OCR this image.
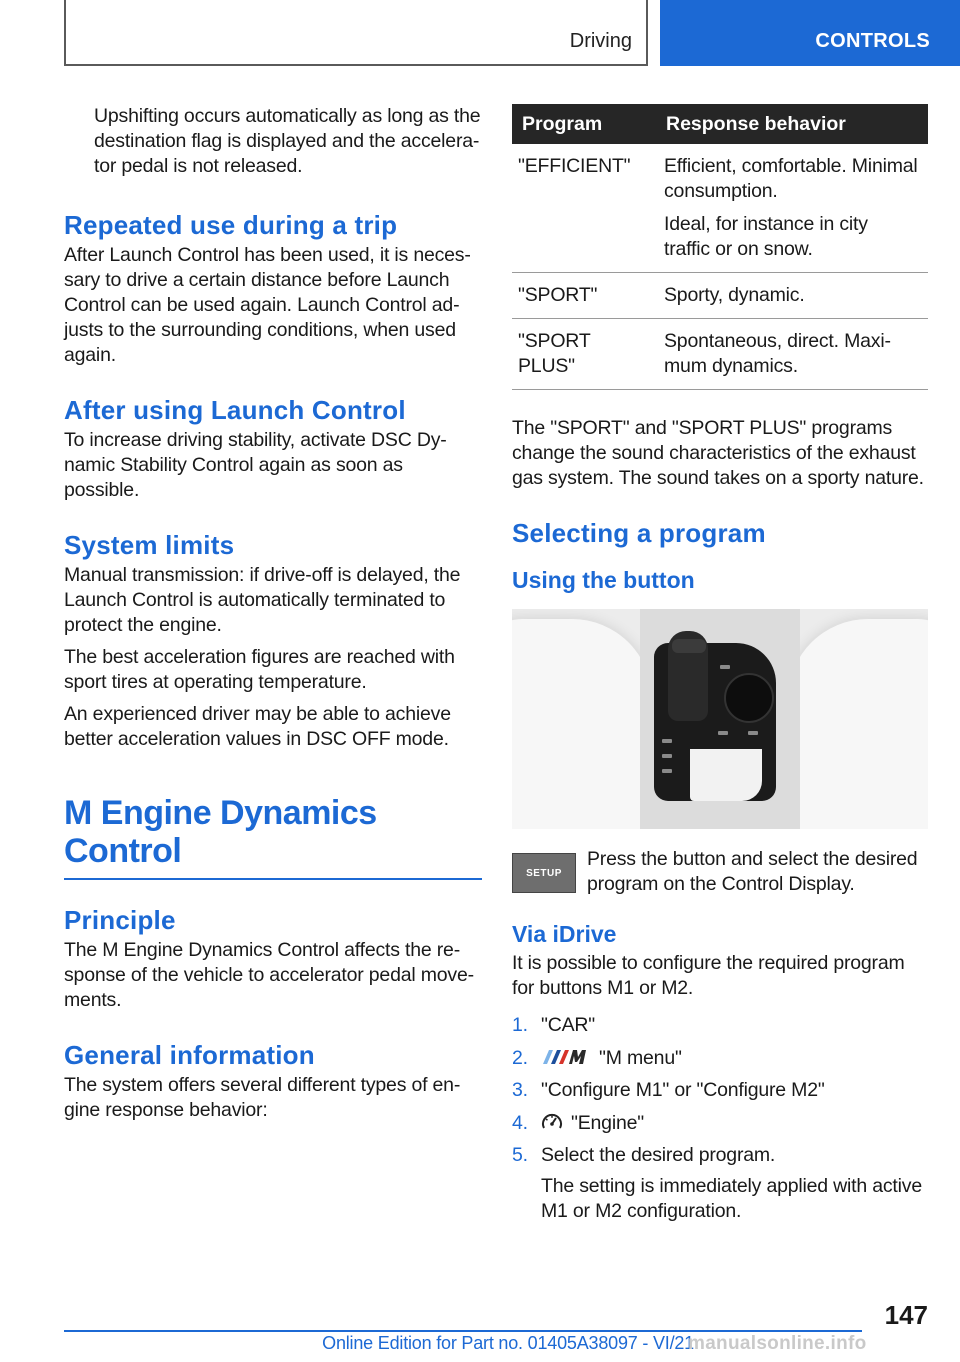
Driving	CONTROLS

Upshifting occurs automatically as long as the destination flag is displayed and the accelerator pedal is not released.

Repeated use during a trip

After Launch Control has been used, it is necessary to drive a certain distance before Launch Control can be used again. Launch Control adjusts to the surrounding conditions, when used again.

After using Launch Control

To increase driving stability, activate DSC Dynamic Stability Control again as soon as possible.

System limits

Manual transmission: if drive-off is delayed, the Launch Control is automatically terminated to protect the engine.

The best acceleration figures are reached with sport tires at operating temperature.

An experienced driver may be able to achieve better acceleration values in DSC OFF mode.

M Engine Dynamics Control
Principle

The M Engine Dynamics Control affects the response of the vehicle to accelerator pedal movements.

General information

The system offers several different types of engine response behavior:

Program	Response behavior
"EFFICIENT"	Efficient, comfortable. Minimal consumption.
Ideal, for instance in city traffic or on snow.

"SPORT"	Sporty, dynamic.
"SPORT PLUS"	Spontaneous, direct. Maximum dynamics.

The "SPORT" and "SPORT PLUS" programs change the sound characteristics of the exhaust gas system. The sound takes on a sporty nature.

Selecting a program
Using the button
SETUP

Press the button and select the desired program on the Control Display.

Via iDrive

It is possible to configure the required program for buttons M1 or M2.

1. "CAR"
2.	"M menu"
3. "Configure M1" or "Configure M2"
4. "Engine"
5. Select the desired program.
The setting is immediately applied with active M1 or M2 configuration.
147
Online Edition for Part no. 01405A38097 - VI/21
manualsonline.info
